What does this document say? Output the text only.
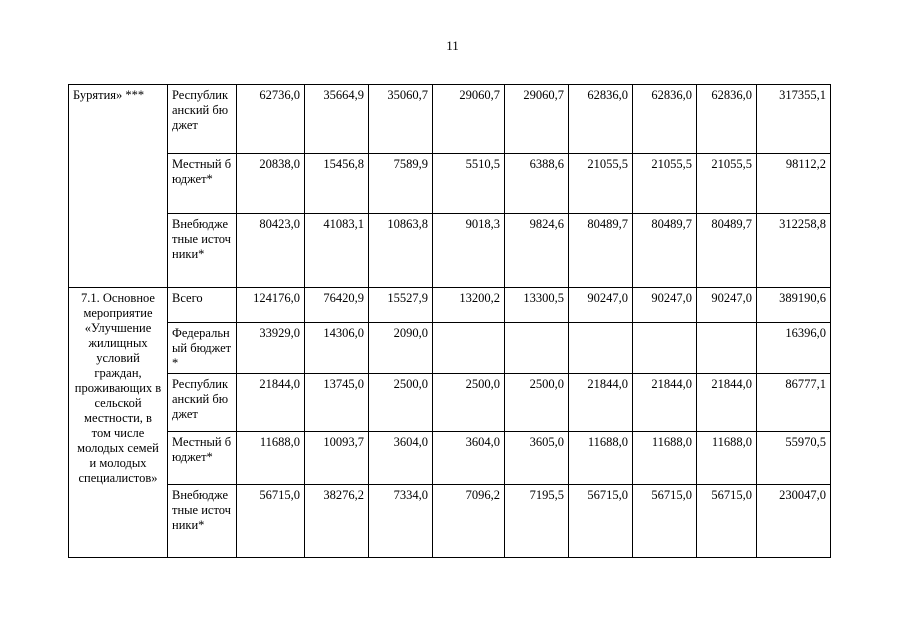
11
Бурятия» ***	Республиканский бюджет	62736,0	35664,9	35060,7	29060,7	29060,7	62836,0	62836,0	62836,0	317355,1
	Местный бюджет*	20838,0	15456,8	7589,9	5510,5	6388,6	21055,5	21055,5	21055,5	98112,2
	Внебюджетные источники*	80423,0	41083,1	10863,8	9018,3	9824,6	80489,7	80489,7	80489,7	312258,8
7.1. Основное мероприятие «Улучшение жилищных условий граждан, проживающих в сельской местности, в том числе молодых семей и молодых специалистов»	Всего	124176,0	76420,9	15527,9	13200,2	13300,5	90247,0	90247,0	90247,0	389190,6
	Федеральный бюджет *	33929,0	14306,0	2090,0						16396,0
	Республиканский бюджет	21844,0	13745,0	2500,0	2500,0	2500,0	21844,0	21844,0	21844,0	86777,1
	Местный бюджет*	11688,0	10093,7	3604,0	3604,0	3605,0	11688,0	11688,0	11688,0	55970,5
	Внебюджетные источники*	56715,0	38276,2	7334,0	7096,2	7195,5	56715,0	56715,0	56715,0	230047,0
